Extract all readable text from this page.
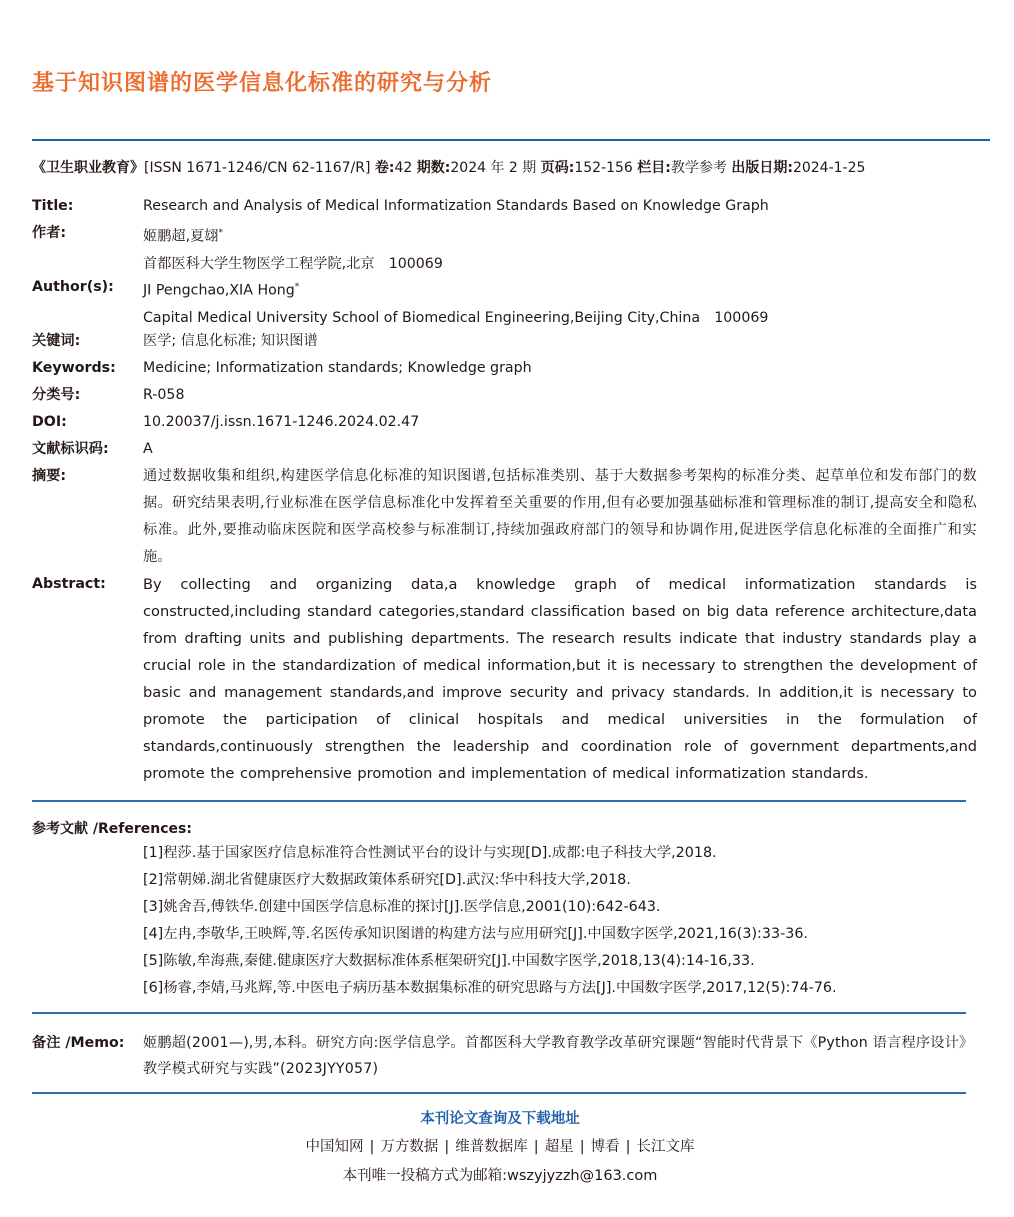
基于知识图谱的医学信息化标准的研究与分析
《卫生职业教育》[ISSN 1671-1246/CN 62-1167/R] 卷:42 期数:2024 年 2 期 页码:152-156 栏目:教学参考 出版日期:2024-1-25
Title:	Research and Analysis of Medical Informatization Standards Based on Knowledge Graph

作者:	姬鹏超,夏翃*

首都医科大学生物医学工程学院,北京　100069

Author(s): JI Pengchao,XIA Hong*

Capital Medical University School of Biomedical Engineering,Beijing City,China　100069

关键词:	医学; 信息化标准; 知识图谱

Keywords: Medicine; Informatization standards; Knowledge graph

分类号:	R-058

DOI:	10.20037/j.issn.1671-1246.2024.02.47

文献标识码: A

摘要:	通过数据收集和组织,构建医学信息化标准的知识图谱,包括标准类别、基于大数据参考架构的标准分类、起草单位和发布部门的数据。研究结果表明,行业标准在医学信息标准化中发挥着至关重要的作用,但有必要加强基础标准和管理标准的制订,提高安全和隐私标准。此外,要推动临床医院和医学高校参与标准制订,持续加强政府部门的领导和协调作用,促进医学信息化标准的全面推广和实施。

Abstract:	By collecting and organizing data,a knowledge graph of medical informatization standards is constructed,including standard categories,standard classification based on big data reference architecture,data from drafting units and publishing departments. The research results indicate that industry standards play a crucial role in the standardization of medical information,but it is necessary to strengthen the development of basic and management standards,and improve security and privacy standards. In addition,it is necessary to promote the participation of clinical hospitals and medical universities in the formulation of standards,continuously strengthen the leadership and coordination role of government departments,and promote the comprehensive promotion and implementation of medical informatization standards.

参考文献 /References:
[1]程莎.基于国家医疗信息标准符合性测试平台的设计与实现[D].成都:电子科技大学,2018.
[2]常朝娣.湖北省健康医疗大数据政策体系研究[D].武汉:华中科技大学,2018.
[3]姚舍吾,傅铁华.创建中国医学信息标准的探讨[J].医学信息,2001(10):642-643.
[4]左冉,李敬华,王映辉,等.名医传承知识图谱的构建方法与应用研究[J].中国数字医学,2021,16(3):33-36.
[5]陈敏,牟海燕,秦健.健康医疗大数据标准体系框架研究[J].中国数字医学,2018,13(4):14-16,33.
[6]杨睿,李婧,马兆辉,等.中医电子病历基本数据集标准的研究思路与方法[J].中国数字医学,2017,12(5):74-76.
备注 /Memo: 姬鹏超(2001—),男,本科。研究方向:医学信息学。首都医科大学教育教学改革研究课题“智能时代背景下《Python 语言程序设计》教学模式研究与实践”(2023JYY057)
本刊论文查询及下载地址
中国知网 | 万方数据 | 维普数据库 | 超星 | 博看 | 长江文库
本刊唯一投稿方式为邮箱:wszyjyzzh@163.com
